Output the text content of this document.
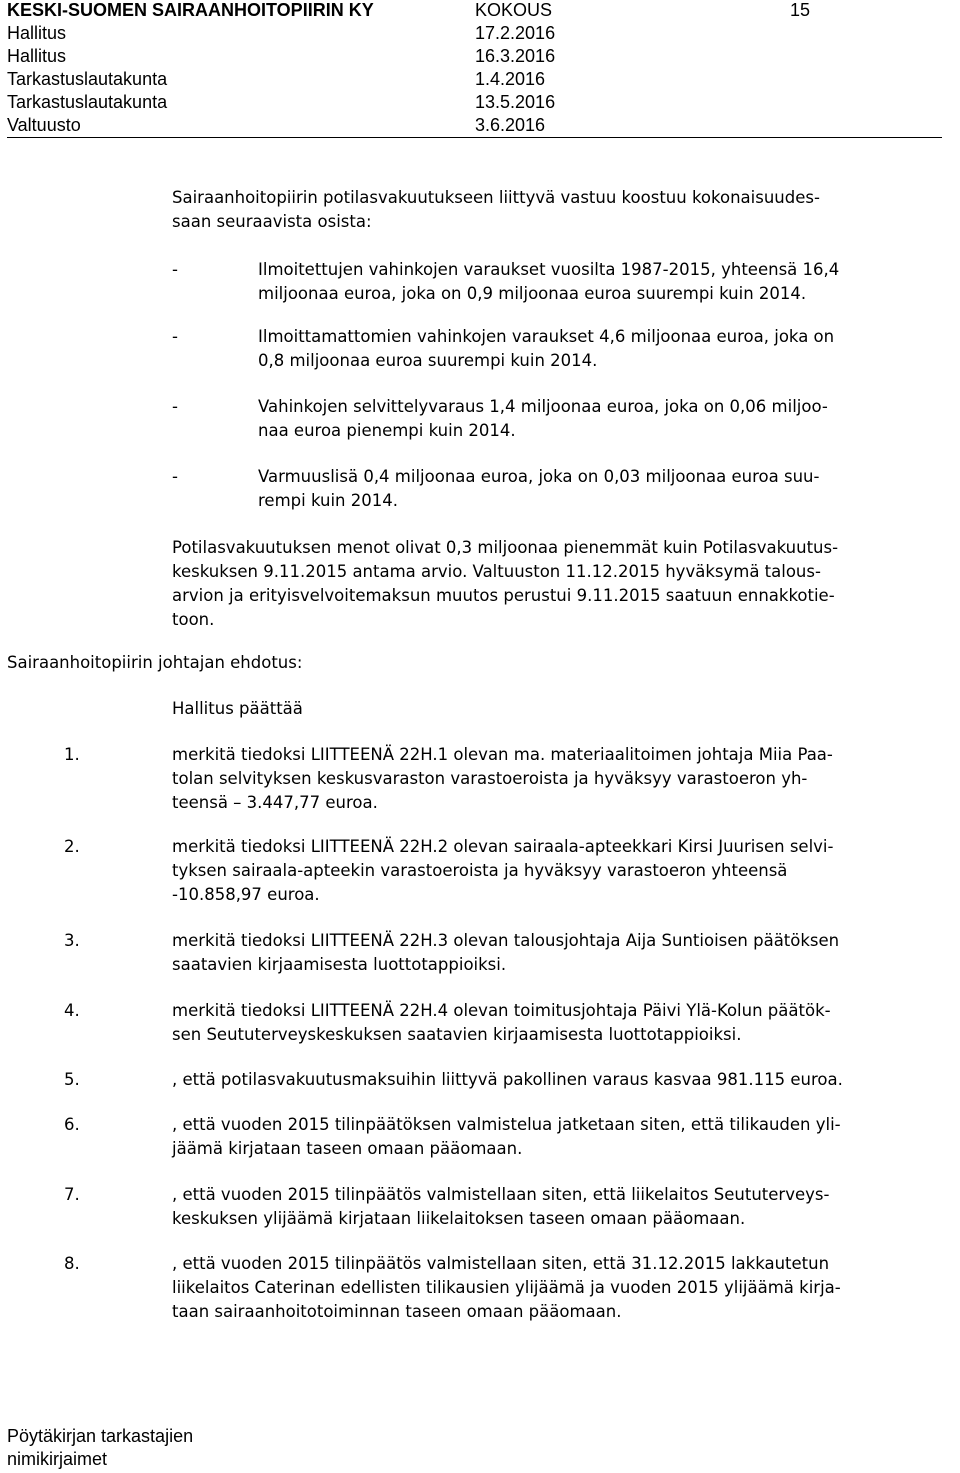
KESKI-SUOMEN SAIRAANHOITOPIIRIN KY	KOKOUS	15
Hallitus	17.2.2016
Hallitus	16.3.2016
Tarkastuslautakunta	1.4.2016
Tarkastuslautakunta	13.5.2016
Valtuusto	3.6.2016
Sairaanhoitopiirin potilasvakuutukseen liittyvä vastuu koostuu kokonaisuudes-
saan seuraavista osista:
-	Ilmoitettujen vahinkojen varaukset vuosilta 1987-2015, yhteensä 16,4
miljoonaa euroa, joka on 0,9 miljoonaa euroa suurempi kuin 2014.
-	Ilmoittamattomien vahinkojen varaukset 4,6 miljoonaa euroa, joka on
0,8 miljoonaa euroa suurempi kuin 2014.
-	Vahinkojen selvittelyvaraus 1,4 miljoonaa euroa, joka on 0,06 miljoo-
naa euroa pienempi kuin 2014.
-	Varmuuslisä 0,4 miljoonaa euroa, joka on 0,03 miljoonaa euroa suu-
rempi kuin 2014.
Potilasvakuutuksen menot olivat 0,3 miljoonaa pienemmät kuin Potilasvakuutus-
keskuksen 9.11.2015 antama arvio. Valtuuston 11.12.2015 hyväksymä talous-
arvion ja erityisvelvoitemaksun muutos perustui 9.11.2015 saatuun ennakkotie-
toon.
Sairaanhoitopiirin johtajan ehdotus:
Hallitus päättää
1.	merkitä tiedoksi LIITTEENÄ 22H.1 olevan ma. materiaalitoimen johtaja Miia Paa-
tolan selvityksen keskusvaraston varastoeroista ja hyväksyy varastoeron yh-
teensä – 3.447,77 euroa.
2.	merkitä tiedoksi LIITTEENÄ 22H.2 olevan sairaala-apteekkari Kirsi Juurisen selvi-
tyksen sairaala-apteekin varastoeroista ja hyväksyy varastoeron yhteensä
-10.858,97 euroa.
3.	merkitä tiedoksi LIITTEENÄ 22H.3 olevan talousjohtaja Aija Suntioisen päätöksen
saatavien kirjaamisesta luottotappioiksi.
4.	merkitä tiedoksi LIITTEENÄ 22H.4 olevan toimitusjohtaja Päivi Ylä-Kolun päätök-
sen Seututerveyskeskuksen saatavien kirjaamisesta luottotappioiksi.
5.	, että potilasvakuutusmaksuihin liittyvä pakollinen varaus kasvaa 981.115 euroa.
6.	, että vuoden 2015 tilinpäätöksen valmistelua jatketaan siten, että tilikauden yli-
jäämä kirjataan taseen omaan pääomaan.
7.	, että vuoden 2015 tilinpäätös valmistellaan siten, että liikelaitos Seututerveys-
keskuksen ylijäämä kirjataan liikelaitoksen taseen omaan pääomaan.
8.	, että vuoden 2015 tilinpäätös valmistellaan siten, että 31.12.2015 lakkautetun
liikelaitos Caterinan edellisten tilikausien ylijäämä ja vuoden 2015 ylijäämä kirja-
taan sairaanhoitotoiminnan taseen omaan pääomaan.
Pöytäkirjan tarkastajien
nimikirjaimet
